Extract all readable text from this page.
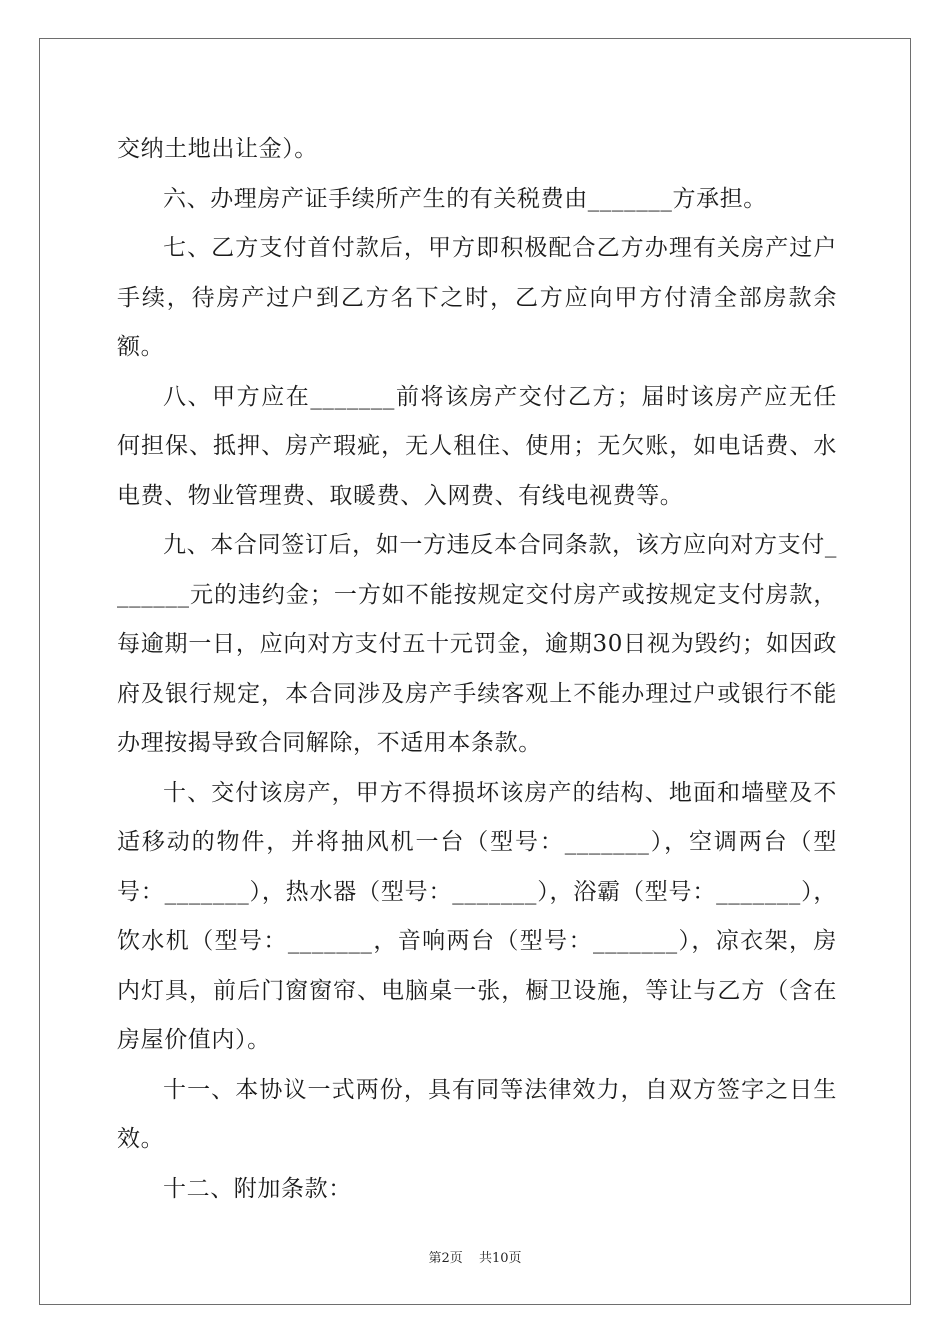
交纳土地出让金）。

六、办理房产证手续所产生的有关税费由_______方承担。

七、乙方支付首付款后，甲方即积极配合乙方办理有关房产过户手续，待房产过户到乙方名下之时，乙方应向甲方付清全部房款余额。

八、甲方应在_______前将该房产交付乙方；届时该房产应无任何担保、抵押、房产瑕疵，无人租住、使用；无欠账，如电话费、水电费、物业管理费、取暖费、入网费、有线电视费等。

九、本合同签订后，如一方违反本合同条款，该方应向对方支付_______元的违约金；一方如不能按规定交付房产或按规定支付房款，每逾期一日，应向对方支付五十元罚金，逾期30日视为毁约；如因政府及银行规定，本合同涉及房产手续客观上不能办理过户或银行不能办理按揭导致合同解除，不适用本条款。

十、交付该房产，甲方不得损坏该房产的结构、地面和墙壁及不适移动的物件，并将抽风机一台（型号：_______），空调两台（型号：_______），热水器（型号：_______），浴霸（型号：_______），饮水机（型号：_______，音响两台（型号：_______），凉衣架，房内灯具，前后门窗窗帘、电脑桌一张，橱卫设施，等让与乙方（含在房屋价值内）。

十一、本协议一式两份，具有同等法律效力，自双方签字之日生效。

十二、附加条款：

第2页 共10页
